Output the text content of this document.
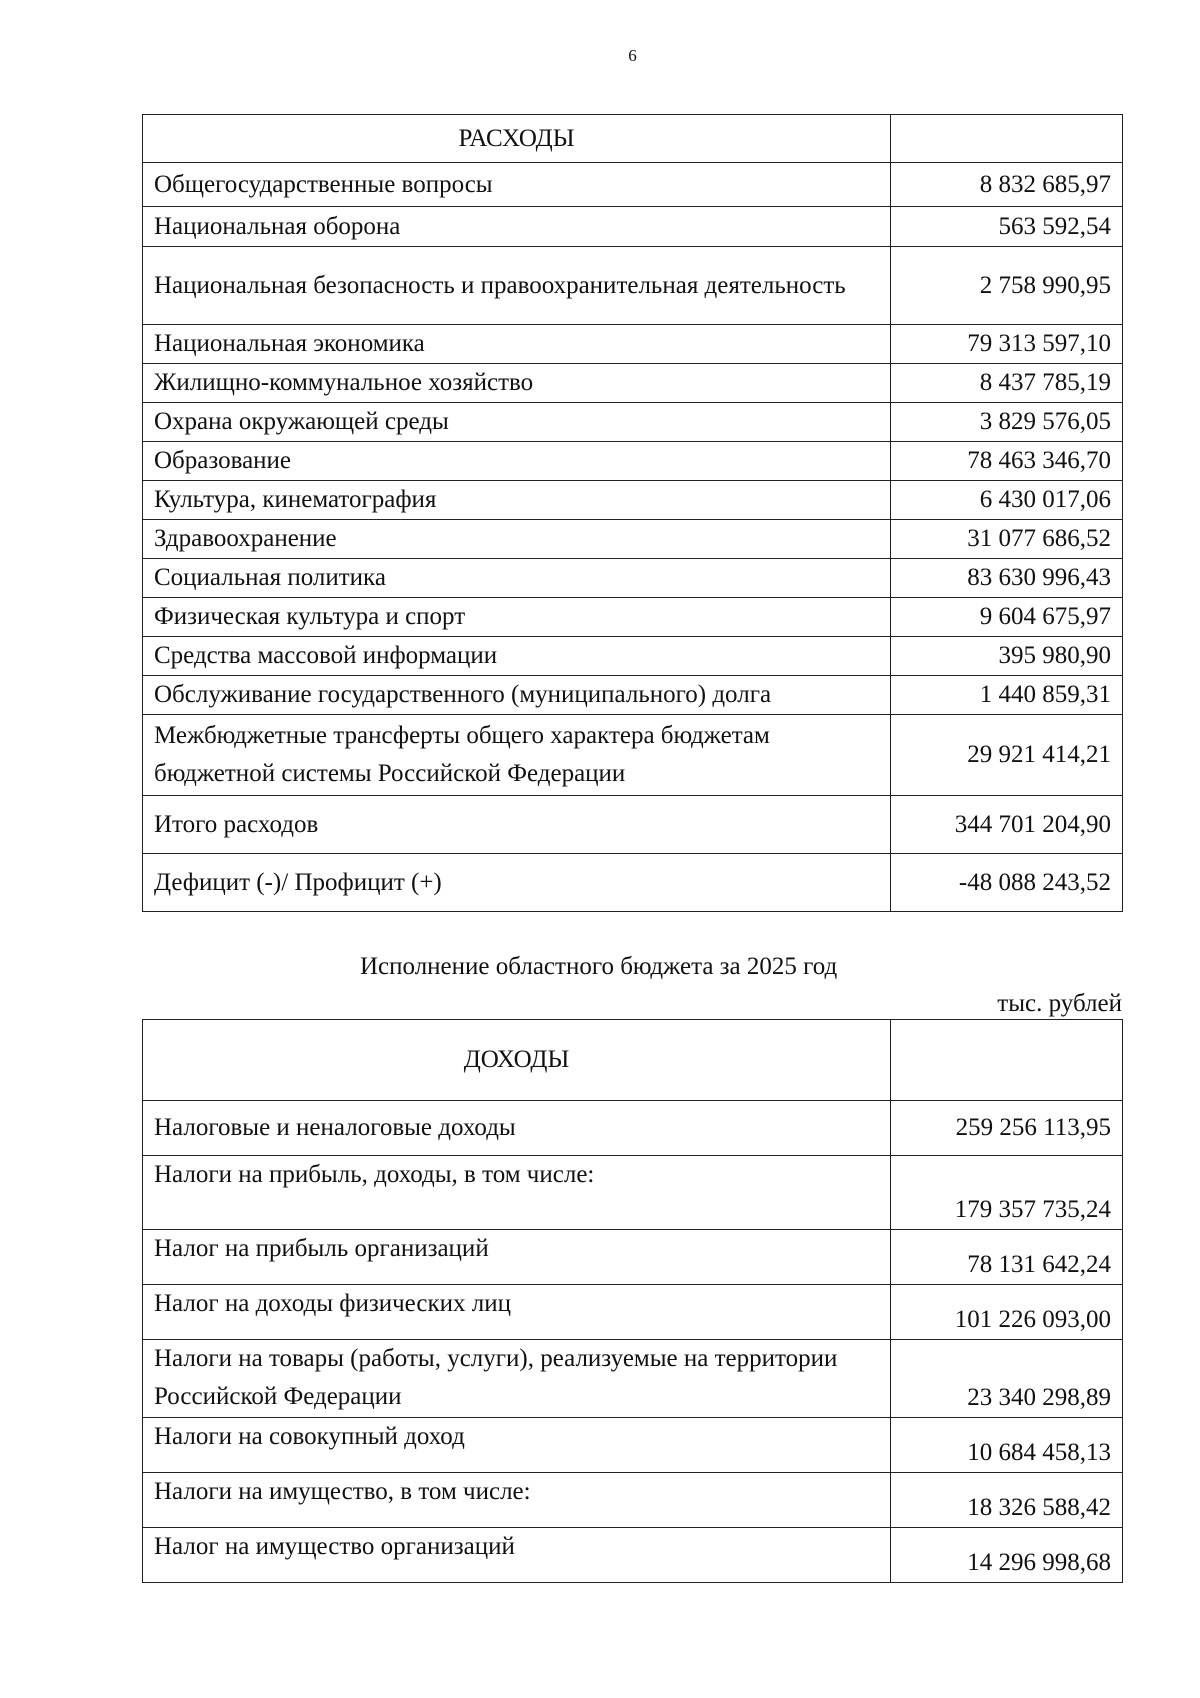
6
РАСХОДЫ	
Общегосударственные вопросы	8 832 685,97
Национальная оборона	563 592,54
Национальная безопасность и правоохранительная деятельность	2 758 990,95
Национальная экономика	79 313 597,10
Жилищно-коммунальное хозяйство	8 437 785,19
Охрана окружающей среды	3 829 576,05
Образование	78 463 346,70
Культура, кинематография	6 430 017,06
Здравоохранение	31 077 686,52
Социальная политика	83 630 996,43
Физическая культура и спорт	9 604 675,97
Средства массовой информации	395 980,90
Обслуживание государственного (муниципального) долга	1 440 859,31
Межбюджетные трансферты общего характера бюджетам бюджетной системы Российской Федерации	29 921 414,21
Итого расходов	344 701 204,90
Дефицит (-)/ Профицит (+)	-48 088 243,52
Исполнение областного бюджета за 2025 год
тыс. рублей
ДОХОДЫ	
Налоговые и неналоговые доходы	259 256 113,95
Налоги на прибыль, доходы, в том числе:	179 357 735,24
Налог на прибыль организаций	78 131 642,24
Налог на доходы физических лиц	101 226 093,00
Налоги на товары (работы, услуги), реализуемые на территории Российской Федерации	23 340 298,89
Налоги на совокупный доход	10 684 458,13
Налоги на имущество, в том числе:	18 326 588,42
Налог на имущество организаций	14 296 998,68
